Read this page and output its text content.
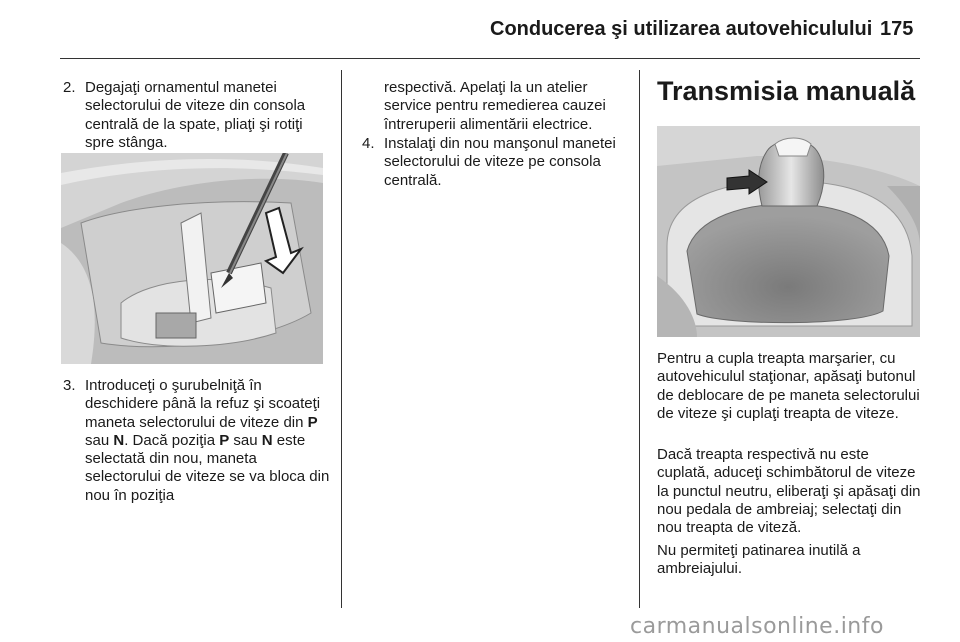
Conducerea şi utilizarea autovehiculului 175
2. Degajaţi ornamentul manetei selectorului de viteze din consola centrală de la spate, pliaţi şi rotiţi spre stânga.
3. Introduceţi o şurubelniţă în deschidere până la refuz şi scoateţi maneta selectorului de viteze din P sau N. Dacă poziţia P sau N este selectată din nou, maneta selectorului de viteze se va bloca din nou în poziţia
respectivă. Apelaţi la un atelier service pentru remedierea cauzei întreruperii alimentării electrice.
4. Instalaţi din nou manşonul manetei selectorului de viteze pe consola centrală.
Transmisia manuală
Pentru a cupla treapta marşarier, cu autovehiculul staţionar, apăsaţi butonul de deblocare de pe maneta selectorului de viteze şi cuplaţi treapta de viteze.
Dacă treapta respectivă nu este cuplată, aduceţi schimbătorul de viteze la punctul neutru, eliberaţi şi apăsaţi din nou pedala de ambreiaj; selectaţi din nou treapta de viteză.
Nu permiteţi patinarea inutilă a ambreiajului.
carmanualsonline.info
